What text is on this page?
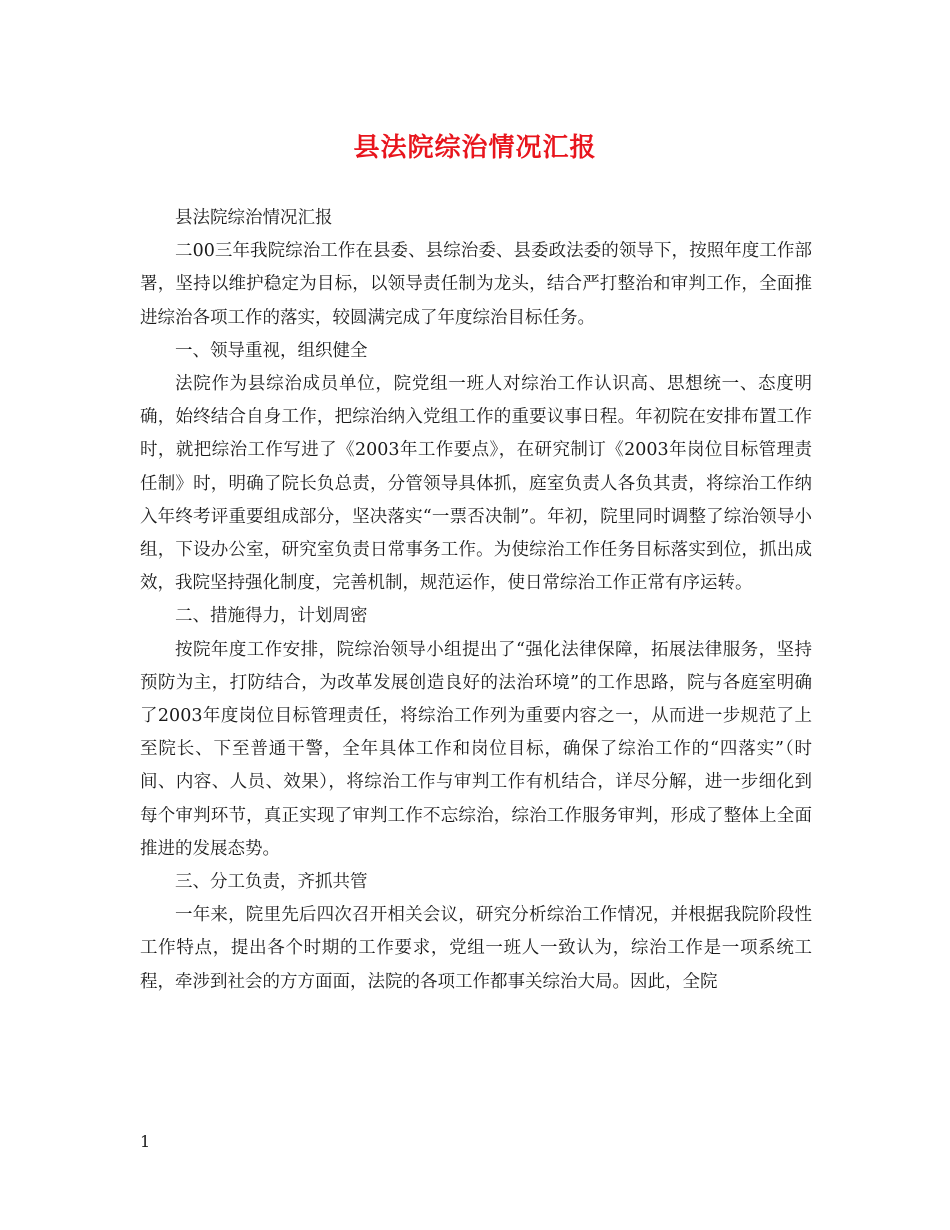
县法院综治情况汇报

县法院综治情况汇报

二00三年我院综治工作在县委、县综治委、县委政法委的领导下，按照年度工作部署，坚持以维护稳定为目标，以领导责任制为龙头，结合严打整治和审判工作，全面推进综治各项工作的落实，较圆满完成了年度综治目标任务。

一、领导重视，组织健全

法院作为县综治成员单位，院党组一班人对综治工作认识高、思想统一、态度明确，始终结合自身工作，把综治纳入党组工作的重要议事日程。年初院在安排布置工作时，就把综治工作写进了《2003年工作要点》，在研究制订《2003年岗位目标管理责任制》时，明确了院长负总责，分管领导具体抓，庭室负责人各负其责，将综治工作纳入年终考评重要组成部分，坚决落实“一票否决制”。年初，院里同时调整了综治领导小组，下设办公室，研究室负责日常事务工作。为使综治工作任务目标落实到位，抓出成效，我院坚持强化制度，完善机制，规范运作，使日常综治工作正常有序运转。

二、措施得力，计划周密

按院年度工作安排，院综治领导小组提出了“强化法律保障，拓展法律服务，坚持预防为主，打防结合，为改革发展创造良好的法治环境”的工作思路，院与各庭室明确了2003年度岗位目标管理责任，将综治工作列为重要内容之一，从而进一步规范了上至院长、下至普通干警，全年具体工作和岗位目标，确保了综治工作的“四落实”（时间、内容、人员、效果），将综治工作与审判工作有机结合，详尽分解，进一步细化到每个审判环节，真正实现了审判工作不忘综治，综治工作服务审判，形成了整体上全面推进的发展态势。

三、分工负责，齐抓共管

一年来，院里先后四次召开相关会议，研究分析综治工作情况，并根据我院阶段性工作特点，提出各个时期的工作要求，党组一班人一致认为，综治工作是一项系统工程，牵涉到社会的方方面面，法院的各项工作都事关综治大局。因此，全院

1
